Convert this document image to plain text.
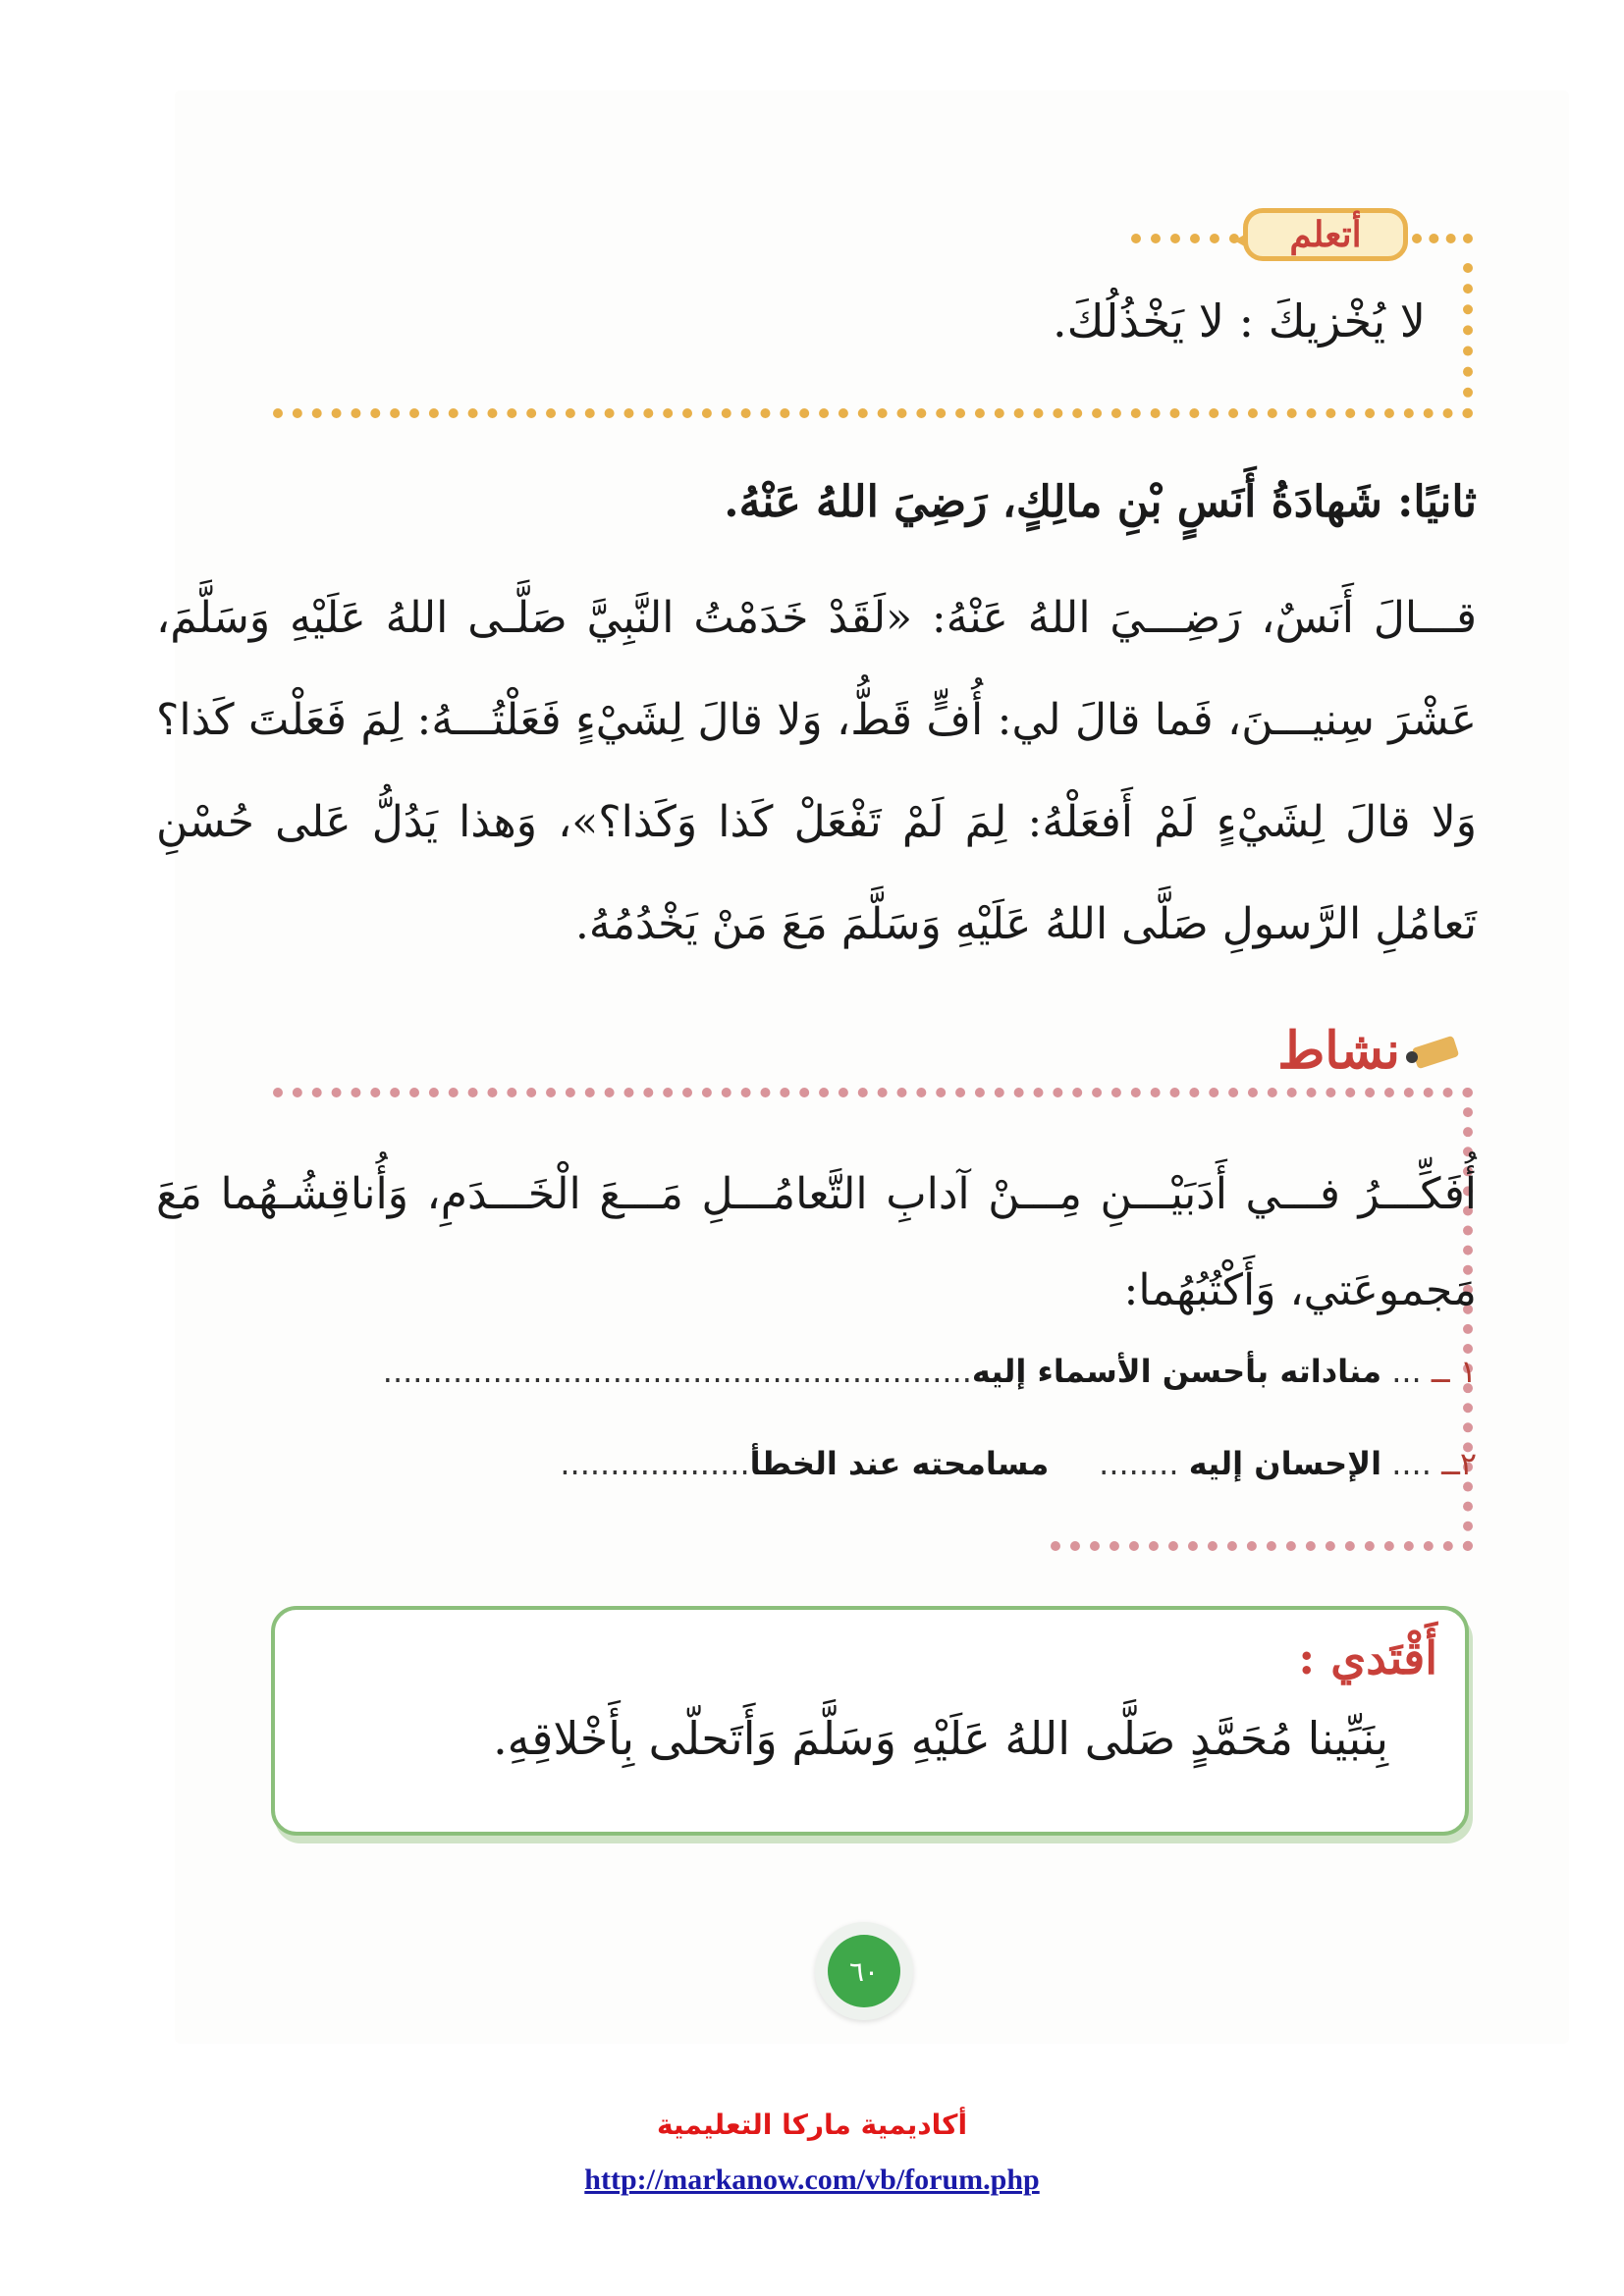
أتعلم
لا يُخْزيكَ : لا يَخْذُلُكَ.
ثانيًا: شَهادَةُ أَنَسٍ بْنِ مالِكٍ، رَضِيَ اللهُ عَنْهُ.
قـــالَ أَنَسٌ، رَضِـــيَ اللهُ عَنْهُ: «لَقَدْ خَدَمْتُ النَّبِيَّ صَلَّـى اللهُ عَلَيْهِ وَسَلَّمَ، عَشْرَ سِنيـــنَ، فَما قالَ لي: أُفٍّ قَطُّ، وَلا قالَ لِشَيْءٍ فَعَلْتُـــهُ: لِمَ فَعَلْتَ كَذا؟ وَلا قالَ لِشَيْءٍ لَمْ أَفعَلْهُ: لِمَ لَمْ تَفْعَلْ كَذا وَكَذا؟»، وَهذا يَدُلُّ عَلى حُسْنِ تَعامُلِ الرَّسولِ صَلَّى اللهُ عَلَيْهِ وَسَلَّمَ مَعَ مَنْ يَخْدُمُهُ.
نشاط
أُفَكِّـــرُ فـــي أَدَبَيْـــنِ مِـــنْ آدابِ التَّعامُـــلِ مَـــعَ الْخَـــدَمِ، وَأُناقِشُـهُما مَعَ مَجموعَتي، وَأَكْتُبُهُما:
١ ــ ... مناداته بأحسن الأسماء إليه...........................................................
٢ــ .... الإحسان إليه ........     مسامحته عند الخطأ...................
أَقْتَدي :
بِنَبِّينا مُحَمَّدٍ صَلَّى اللهُ عَلَيْهِ وَسَلَّمَ وَأَتَحلّى بِأَخْلاقِهِ.
٦٠
أكاديمية ماركا التعليمية
http://markanow.com/vb/forum.php
